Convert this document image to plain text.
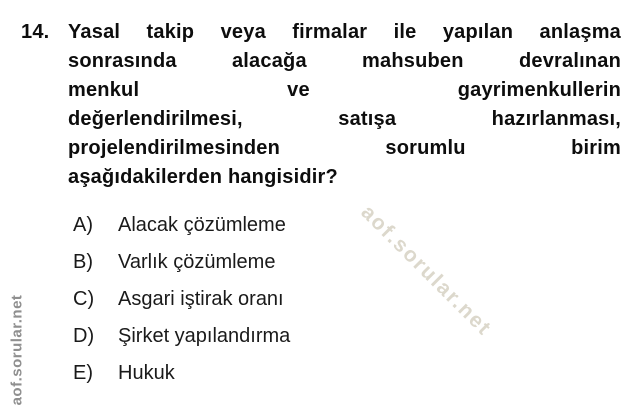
14. Yasal takip veya firmalar ile yapılan anlaşma
sonrasında alacağa mahsuben devralınan
menkul ve gayrimenkullerin
değerlendirilmesi, satışa hazırlanması,
projelendirilmesinden sorumlu birim
aşağıdakilerden hangisidir?
A)	Alacak çözümleme
B)	Varlık çözümleme
C)	Asgari iştirak oranı
D)	Şirket yapılandırma
E)	Hukuk
aof.sorular.net
aof.sorular.net
